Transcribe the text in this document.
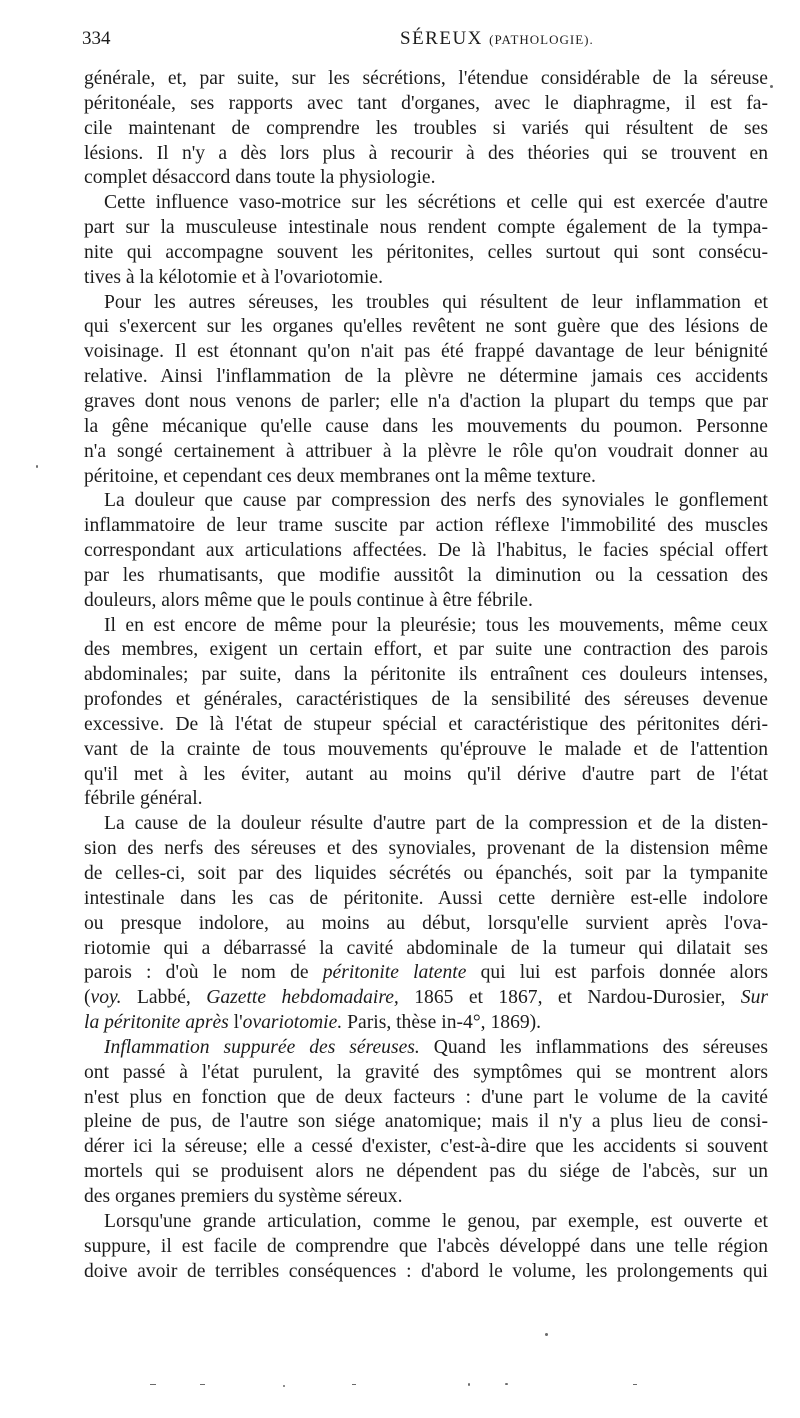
334	SÉREUX (PATHOLOGIE).
générale, et, par suite, sur les sécrétions, l'étendue considérable de la séreuse
péritonéale, ses rapports avec tant d'organes, avec le diaphragme, il est fa-
cile maintenant de comprendre les troubles si variés qui résultent de ses
lésions. Il n'y a dès lors plus à recourir à des théories qui se trouvent en
complet désaccord dans toute la physiologie.
Cette influence vaso-motrice sur les sécrétions et celle qui est exercée d'autre
part sur la musculeuse intestinale nous rendent compte également de la tympa-
nite qui accompagne souvent les péritonites, celles surtout qui sont consécu-
tives à la kélotomie et à l'ovariotomie.
Pour les autres séreuses, les troubles qui résultent de leur inflammation et
qui s'exercent sur les organes qu'elles revêtent ne sont guère que des lésions de
voisinage. Il est étonnant qu'on n'ait pas été frappé davantage de leur bénignité
relative. Ainsi l'inflammation de la plèvre ne détermine jamais ces accidents
graves dont nous venons de parler; elle n'a d'action la plupart du temps que par
la gêne mécanique qu'elle cause dans les mouvements du poumon. Personne
n'a songé certainement à attribuer à la plèvre le rôle qu'on voudrait donner au
péritoine, et cependant ces deux membranes ont la même texture.
La douleur que cause par compression des nerfs des synoviales le gonflement
inflammatoire de leur trame suscite par action réflexe l'immobilité des muscles
correspondant aux articulations affectées. De là l'habitus, le facies spécial offert
par les rhumatisants, que modifie aussitôt la diminution ou la cessation des
douleurs, alors même que le pouls continue à être fébrile.
Il en est encore de même pour la pleurésie; tous les mouvements, même ceux
des membres, exigent un certain effort, et par suite une contraction des parois
abdominales; par suite, dans la péritonite ils entraînent ces douleurs intenses,
profondes et générales, caractéristiques de la sensibilité des séreuses devenue
excessive. De là l'état de stupeur spécial et caractéristique des péritonites déri-
vant de la crainte de tous mouvements qu'éprouve le malade et de l'attention
qu'il met à les éviter, autant au moins qu'il dérive d'autre part de l'état
fébrile général.
La cause de la douleur résulte d'autre part de la compression et de la disten-
sion des nerfs des séreuses et des synoviales, provenant de la distension même
de celles-ci, soit par des liquides sécrétés ou épanchés, soit par la tympanite
intestinale dans les cas de péritonite. Aussi cette dernière est-elle indolore
ou presque indolore, au moins au début, lorsqu'elle survient après l'ova-
riotomie qui a débarrassé la cavité abdominale de la tumeur qui dilatait ses
parois : d'où le nom de péritonite latente qui lui est parfois donnée alors
(voy. Labbé, Gazette hebdomadaire, 1865 et 1867, et Nardou-Durosier, Sur
la péritonite après l'ovariotomie. Paris, thèse in-4°, 1869).
Inflammation suppurée des séreuses. Quand les inflammations des séreuses
ont passé à l'état purulent, la gravité des symptômes qui se montrent alors
n'est plus en fonction que de deux facteurs : d'une part le volume de la cavité
pleine de pus, de l'autre son siége anatomique; mais il n'y a plus lieu de consi-
dérer ici la séreuse; elle a cessé d'exister, c'est-à-dire que les accidents si souvent
mortels qui se produisent alors ne dépendent pas du siége de l'abcès, sur un
des organes premiers du système séreux.
Lorsqu'une grande articulation, comme le genou, par exemple, est ouverte et
suppure, il est facile de comprendre que l'abcès développé dans une telle région
doive avoir de terribles conséquences : d'abord le volume, les prolongements qui
